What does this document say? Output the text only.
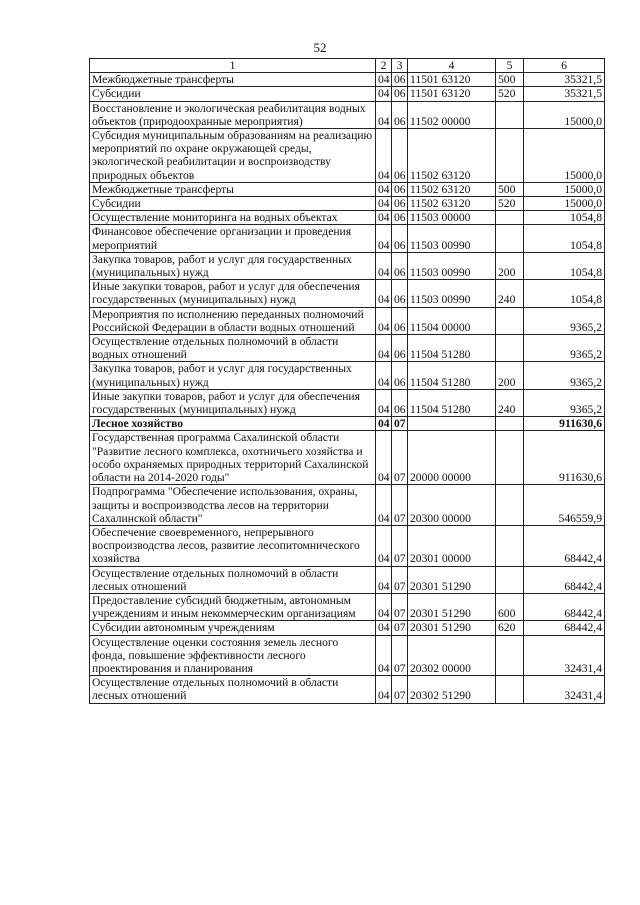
52
1	2	3	4	5	6
Межбюджетные трансферты	04	06	11501 63120	500	35321,5
Субсидии	04	06	11501 63120	520	35321,5
Восстановление и экологическая реабилитация водных объектов (природоохранные мероприятия)	04	06	11502 00000		15000,0
Субсидия муниципальным образованиям на реализацию мероприятий по охране окружающей среды, экологической реабилитации и воспроизводству природных объектов	04	06	11502 63120		15000,0
Межбюджетные трансферты	04	06	11502 63120	500	15000,0
Субсидии	04	06	11502 63120	520	15000,0
Осуществление мониторинга на водных объектах	04	06	11503 00000		1054,8
Финансовое обеспечение организации и проведения мероприятий	04	06	11503 00990		1054,8
Закупка товаров, работ и услуг для государственных (муниципальных) нужд	04	06	11503 00990	200	1054,8
Иные закупки товаров, работ и услуг для обеспечения государственных (муниципальных) нужд	04	06	11503 00990	240	1054,8
Мероприятия по исполнению переданных полномочий Российской Федерации в области водных отношений	04	06	11504 00000		9365,2
Осуществление отдельных полномочий в области водных отношений	04	06	11504 51280		9365,2
Закупка товаров, работ и услуг для государственных (муниципальных) нужд	04	06	11504 51280	200	9365,2
Иные закупки товаров, работ и услуг для обеспечения государственных (муниципальных) нужд	04	06	11504 51280	240	9365,2
Лесное хозяйство	04	07			911630,6
Государственная программа Сахалинской области "Развитие лесного комплекса, охотничьего хозяйства и особо охраняемых природных территорий Сахалинской области на 2014-2020 годы"	04	07	20000 00000		911630,6
Подпрограмма "Обеспечение использования, охраны, защиты и воспроизводства лесов на территории Сахалинской области"	04	07	20300 00000		546559,9
Обеспечение своевременного, непрерывного воспроизводства лесов, развитие лесопитомнического хозяйства	04	07	20301 00000		68442,4
Осуществление отдельных полномочий в области лесных отношений	04	07	20301 51290		68442,4
Предоставление субсидий бюджетным, автономным учреждениям и иным некоммерческим организациям	04	07	20301 51290	600	68442,4
Субсидии автономным учреждениям	04	07	20301 51290	620	68442,4
Осуществление оценки состояния земель лесного фонда, повышение эффективности лесного проектирования и планирования	04	07	20302 00000		32431,4
Осуществление отдельных полномочий в области лесных отношений	04	07	20302 51290		32431,4
